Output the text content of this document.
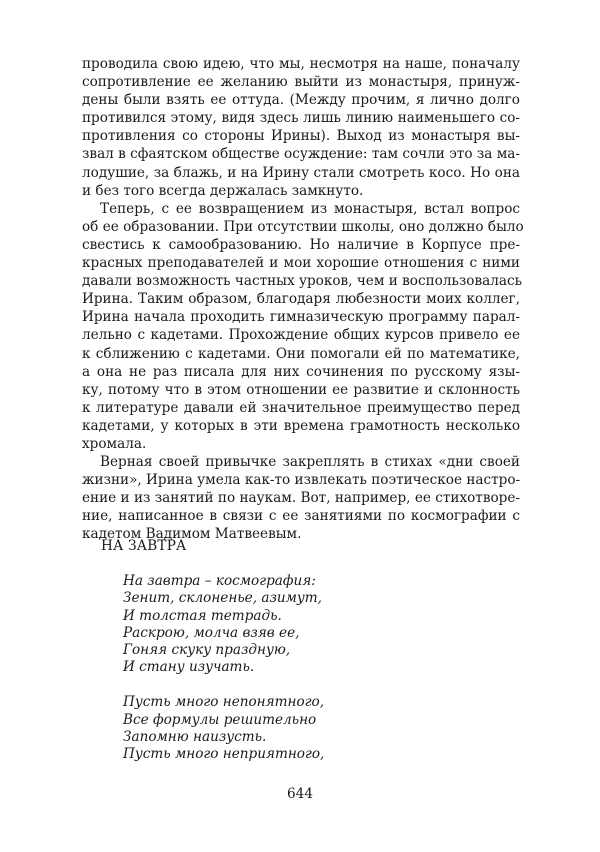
проводила свою идею, что мы, несмотря на наше, поначалу
сопротивление ее желанию выйти из монастыря, принуж-
дены были взять ее оттуда. (Между прочим, я лично долго
противился этому, видя здесь лишь линию наименьшего со-
противления со стороны Ирины). Выход из монастыря вы-
звал в сфаятском обществе осуждение: там сочли это за ма-
лодушие, за блажь, и на Ирину стали смотреть косо. Но она
и без того всегда держалась замкнуто.

Теперь, с ее возвращением из монастыря, встал вопрос
об ее образовании. При отсутствии школы, оно должно было
свестись к самообразованию. Но наличие в Корпусе пре-
красных преподавателей и мои хорошие отношения с ними
давали возможность частных уроков, чем и воспользовалась
Ирина. Таким образом, благодаря любезности моих коллег,
Ирина начала проходить гимназическую программу парал-
лельно с кадетами. Прохождение общих курсов привело ее
к сближению с кадетами. Они помогали ей по математике,
а она не раз писала для них сочинения по русскому язы-
ку, потому что в этом отношении ее развитие и склонность
к литературе давали ей значительное преимущество перед
кадетами, у которых в эти времена грамотность несколько
хромала.

Верная своей привычке закреплять в стихах «дни своей
жизни», Ирина умела как-то извлекать поэтическое настро-
ение и из занятий по наукам. Вот, например, ее стихотворе-
ние, написанное в связи с ее занятиями по космографии с
кадетом Вадимом Матвеевым.

НА ЗАВТРА
На завтра – космография:
Зенит, склоненье, азимут,
И толстая тетрадь.
Раскрою, молча взяв ее,
Гоняя скуку праздную,
И стану изучать.
Пусть много непонятного,
Все формулы решительно
Запомню наизусть.
Пусть много неприятного,
644
